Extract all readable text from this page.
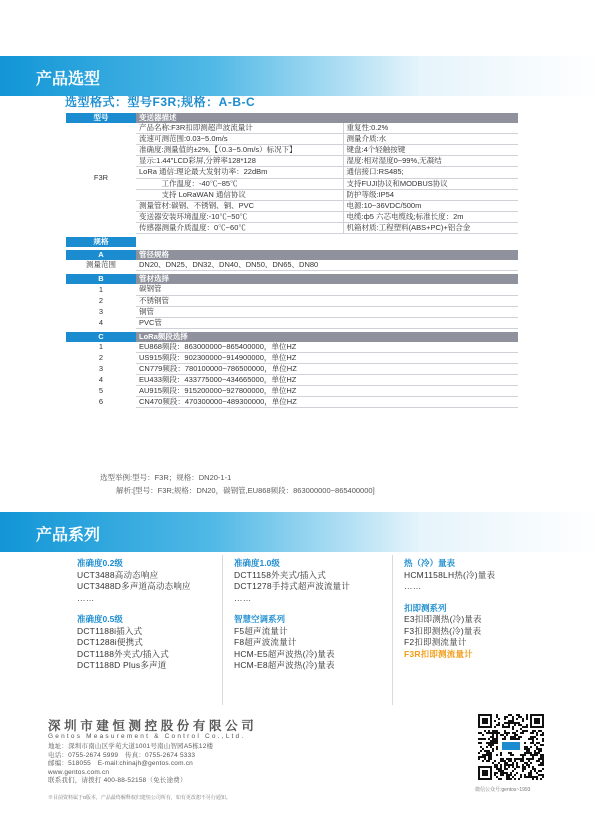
产品选型
选型格式：型号F3R;规格：A-B-C
型号	变送器描述	
F3R	产品名称:F3R扣即测超声波流量计	重复性:0.2%
	流速可测范围:0.03~5.0m/s	测量介质:水
	准确度:测量值的±2%,【（0.3~5.0m/s）标况下】	键盘:4个轻触按键
	显示:1.44"LCD彩屏,分辨率128*128	湿度:相对湿度0~99%,无凝结
	LoRa 通信:理论最大发射功率：22dBm	通信接口:RS485;
	　　　工作温度：-40℃~85℃	支持FUJI协议和MODBUS协议
	　　　支持 LoRaWAN 通信协议	防护等级:IP54
	测量管材:碳钢、不锈钢、铜、PVC	电源:10~36VDC/500m
	变送器安装环境温度:-10℃~50℃	电缆:ф5 六芯电缆线;标准长度：2m
	传感器测量介质温度：0℃~60℃	机箱材质:工程塑料(ABS+PC)+铝合金

规格		

A	管径规格	
测量范围	DN20、DN25、DN32、DN40、DN50、DN65、DN80	

B	管材选择	
1	碳钢管	
2	不锈钢管	
3	铜管	
4	PVC管	

C	LoRa频段选择	
1	EU868频段：863000000~865400000，单位HZ	
2	US915频段：902300000~914900000，单位HZ	
3	CN779频段：780100000~786500000，单位HZ	
4	EU433频段：433775000~434665000，单位HZ	
5	AU915频段：915200000~927800000，单位HZ	
6	CN470频段：470300000~489300000，单位HZ	
选型举例:型号：F3R；规格：DN20-1-1
解析:[型号：F3R;规格：DN20，碳钢管,EU868频段：863000000~865400000]
产品系列
准确度0.2级
UCT3488高动态响应
UCT3488D多声道高动态响应
……
准确度0.5级
DCT1188i插入式
DCT1288i便携式
DCT1188外夹式/插入式
DCT1188D Plus多声道
准确度1.0级
DCT1158外夹式/插入式
DCT1278手持式超声波流量计
……
智慧空调系列
F5超声流量计
F8超声波流量计
HCM-E5超声波热(冷)量表
HCM-E8超声波热(冷)量表
热（冷）量表
HCM1158LH热(冷)量表
……
扣即测系列
E3扣即测热(冷)量表
F3扣即测热(冷)量表
F2扣即测流量计
F3R扣即测流量计
深圳市建恒测控股份有限公司
Gentos Measurement & Control Co.,Ltd.
地址：深圳市南山区学苑大道1001号南山智园A5栋12楼
电话：0755-2674 5999　传真：0755-2674 5333
邮编：518055　E-mail:chinajh@gentos.com.cn
www.gentos.com.cn
联系我们，请拨打 400-88-52158（免长途费）
※目前资料属于α版本，产品最终解释权归建恒公司所有，如有更改恕不另行通知。
微信公众号:gentos~1993
